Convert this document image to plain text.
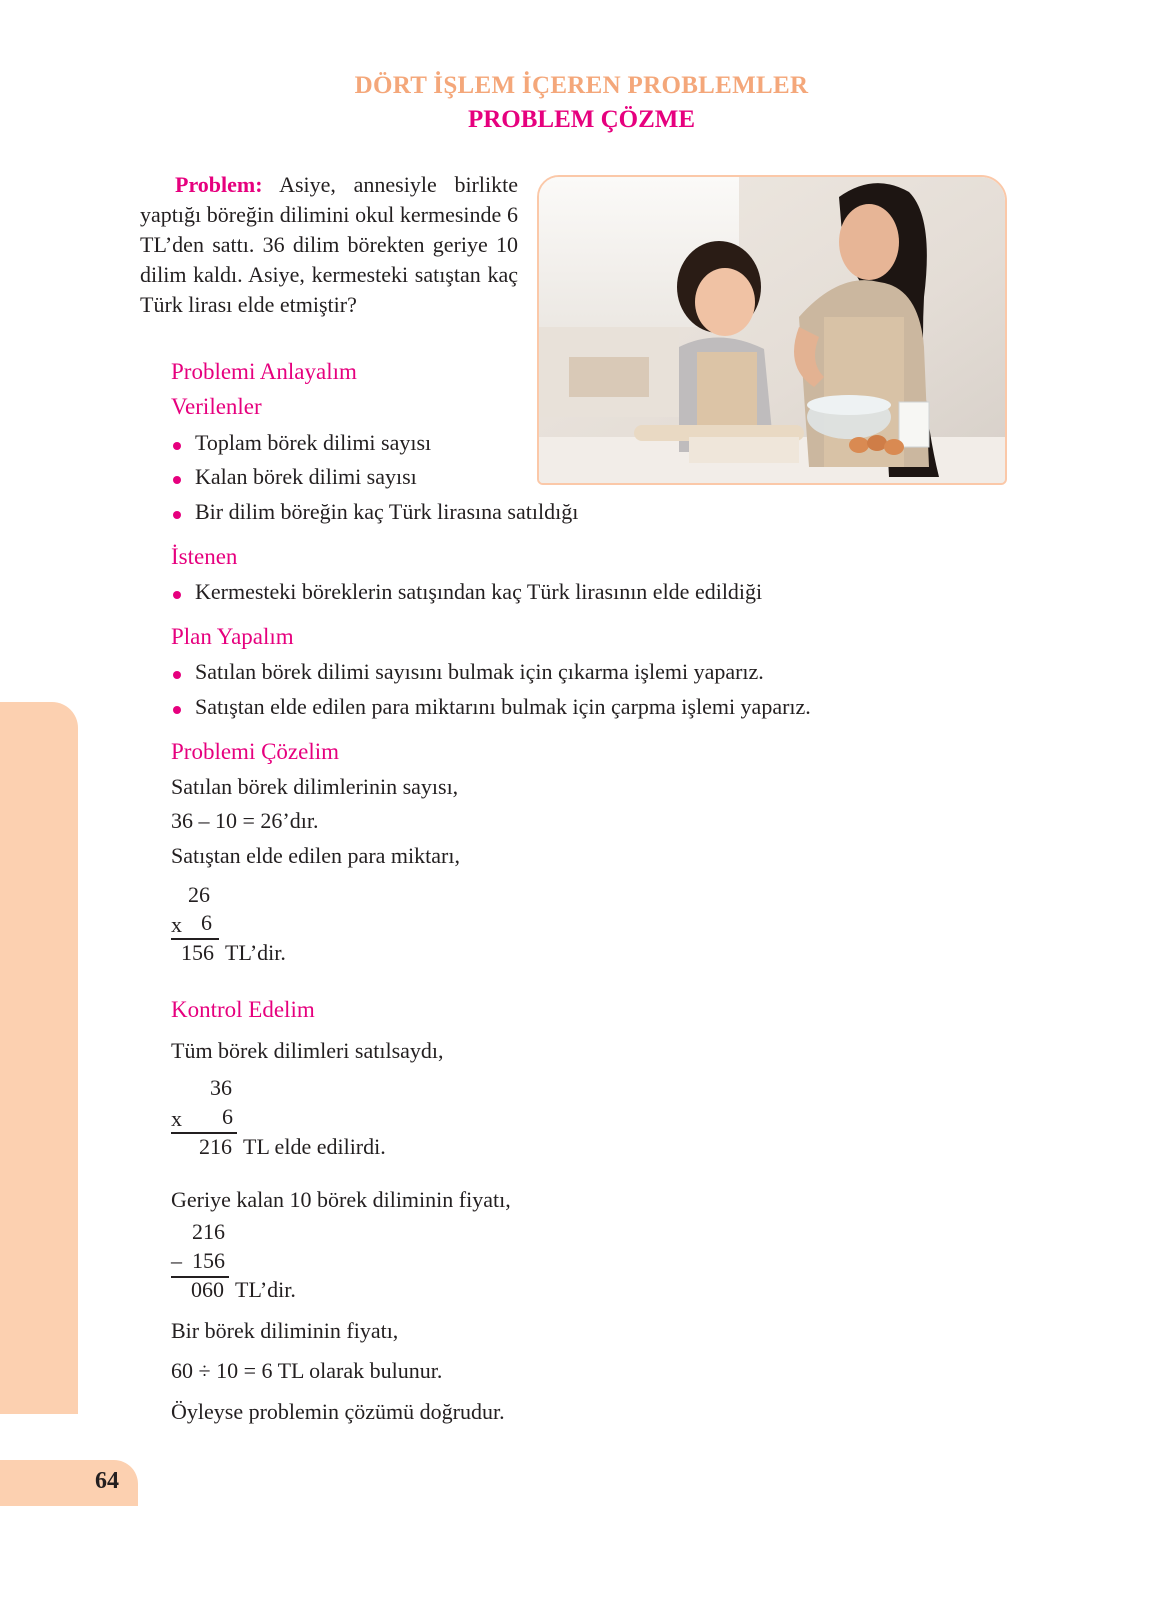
DÖRT İŞLEM İÇEREN PROBLEMLER
PROBLEM ÇÖZME
64
Problem: Asiye, annesiyle birlikte yaptığı böreğin dilimini okul kermesinde 6 TL’den sattı. 36 dilim börekten geriye 10 dilim kaldı. Asiye, kermesteki satıştan kaç Türk lirası elde etmiştir?
Problemi Anlayalım
Verilenler
Toplam börek dilimi sayısı
Kalan börek dilimi sayısı
Bir dilim böreğin kaç Türk lirasına satıldığı
İstenen
Kermesteki böreklerin satışından kaç Türk lirasının elde edildiği
Plan Yapalım
Satılan börek dilimi sayısını bulmak için çıkarma işlemi yaparız.
Satıştan elde edilen para miktarını bulmak için çarpma işlemi yaparız.
Problemi Çözelim
Satılan börek dilimlerinin sayısı,
36 – 10 = 26’dır.
Satıştan elde edilen para miktarı,
26
x 6
156 TL’dir.
Kontrol Edelim
Tüm börek dilimleri satılsaydı,
36
x 6
216 TL elde edilirdi.
Geriye kalan 10 börek diliminin fiyatı,
216
– 156
060 TL’dir.
Bir börek diliminin fiyatı,
60 ÷ 10 = 6 TL olarak bulunur.
Öyleyse problemin çözümü doğrudur.
